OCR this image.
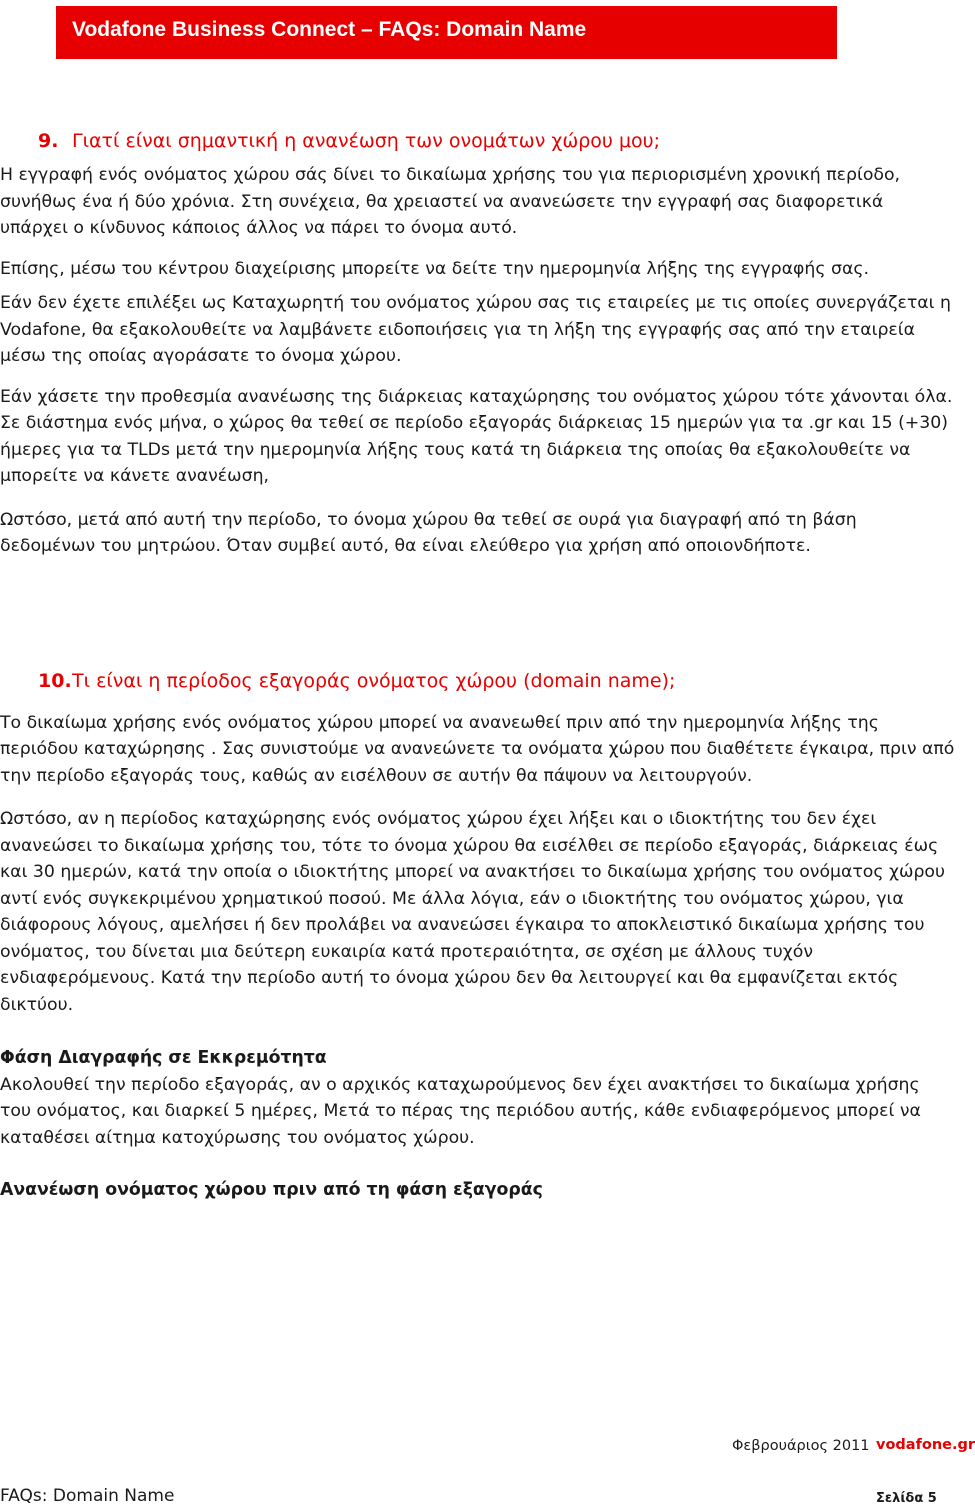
Vodafone Business Connect – FAQs: Domain Name
9. Γιατί είναι σημαντική η ανανέωση των ονομάτων χώρου μου;

Η εγγραφή ενός ονόματος χώρου σάς δίνει το δικαίωμα χρήσης του για περιορισμένη χρονική περίοδο, συνήθως ένα ή δύο χρόνια. Στη συνέχεια, θα χρειαστεί να ανανεώσετε την εγγραφή σας διαφορετικά υπάρχει ο κίνδυνος κάποιος άλλος να πάρει το όνομα αυτό.

Επίσης, μέσω του κέντρου διαχείρισης μπορείτε να δείτε την ημερομηνία λήξης της εγγραφής σας.

Εάν δεν έχετε επιλέξει ως Καταχωρητή του ονόματος χώρου σας τις εταιρείες με τις οποίες συνεργάζεται η Vodafone, θα εξακολουθείτε να λαμβάνετε ειδοποιήσεις για τη λήξη της εγγραφής σας από την εταιρεία μέσω της οποίας αγοράσατε το όνομα χώρου.

Εάν χάσετε την προθεσμία ανανέωσης της διάρκειας καταχώρησης του ονόματος χώρου τότε χάνονται όλα. Σε διάστημα ενός μήνα, ο χώρος θα τεθεί σε περίοδο εξαγοράς διάρκειας 15 ημερών για τα .gr και 15 (+30) ήμερες για τα TLDs μετά την ημερομηνία λήξης τους κατά τη διάρκεια της οποίας θα εξακολουθείτε να μπορείτε να κάνετε ανανέωση,

Ωστόσο, μετά από αυτή την περίοδο, το όνομα χώρου θα τεθεί σε ουρά για διαγραφή από τη βάση δεδομένων του μητρώου. Όταν συμβεί αυτό, θα είναι ελεύθερο για χρήση από οποιονδήποτε.

10.Τι είναι η περίοδος εξαγοράς ονόματος χώρου (domain name);

Το δικαίωμα χρήσης ενός ονόματος χώρου μπορεί να ανανεωθεί πριν από την ημερομηνία λήξης της περιόδου καταχώρησης . Σας συνιστούμε να ανανεώνετε τα ονόματα χώρου που διαθέτετε έγκαιρα, πριν από την περίοδο εξαγοράς τους, καθώς αν εισέλθουν σε αυτήν θα πάψουν να λειτουργούν.

Ωστόσο, αν η περίοδος καταχώρησης ενός ονόματος χώρου έχει λήξει και ο ιδιοκτήτης του δεν έχει ανανεώσει το δικαίωμα χρήσης του, τότε το όνομα χώρου θα εισέλθει σε περίοδο εξαγοράς, διάρκειας έως και 30 ημερών, κατά την οποία ο ιδιοκτήτης μπορεί να ανακτήσει το δικαίωμα χρήσης του ονόματος χώρου αντί ενός συγκεκριμένου χρηματικού ποσού. Με άλλα λόγια, εάν ο ιδιοκτήτης του ονόματος χώρου, για διάφορους λόγους, αμελήσει ή δεν προλάβει να ανανεώσει έγκαιρα το αποκλειστικό δικαίωμα χρήσης του ονόματος, του δίνεται μια δεύτερη ευκαιρία κατά προτεραιότητα, σε σχέση με άλλους τυχόν ενδιαφερόμενους. Κατά την περίοδο αυτή το όνομα χώρου δεν θα λειτουργεί και θα εμφανίζεται εκτός δικτύου.

Φάση Διαγραφής σε Εκκρεμότητα

Ακολουθεί την περίοδο εξαγοράς, αν ο αρχικός καταχωρούμενος δεν έχει ανακτήσει το δικαίωμα χρήσης του ονόματος, και διαρκεί 5 ημέρες, Μετά το πέρας της περιόδου αυτής, κάθε ενδιαφερόμενος μπορεί να καταθέσει αίτημα κατοχύρωσης του ονόματος χώρου.

Ανανέωση ονόματος χώρου πριν από τη φάση εξαγοράς
Φεβρουάριος 2011 vodafone.gr
FAQs: Domain Name	Σελίδα 5
